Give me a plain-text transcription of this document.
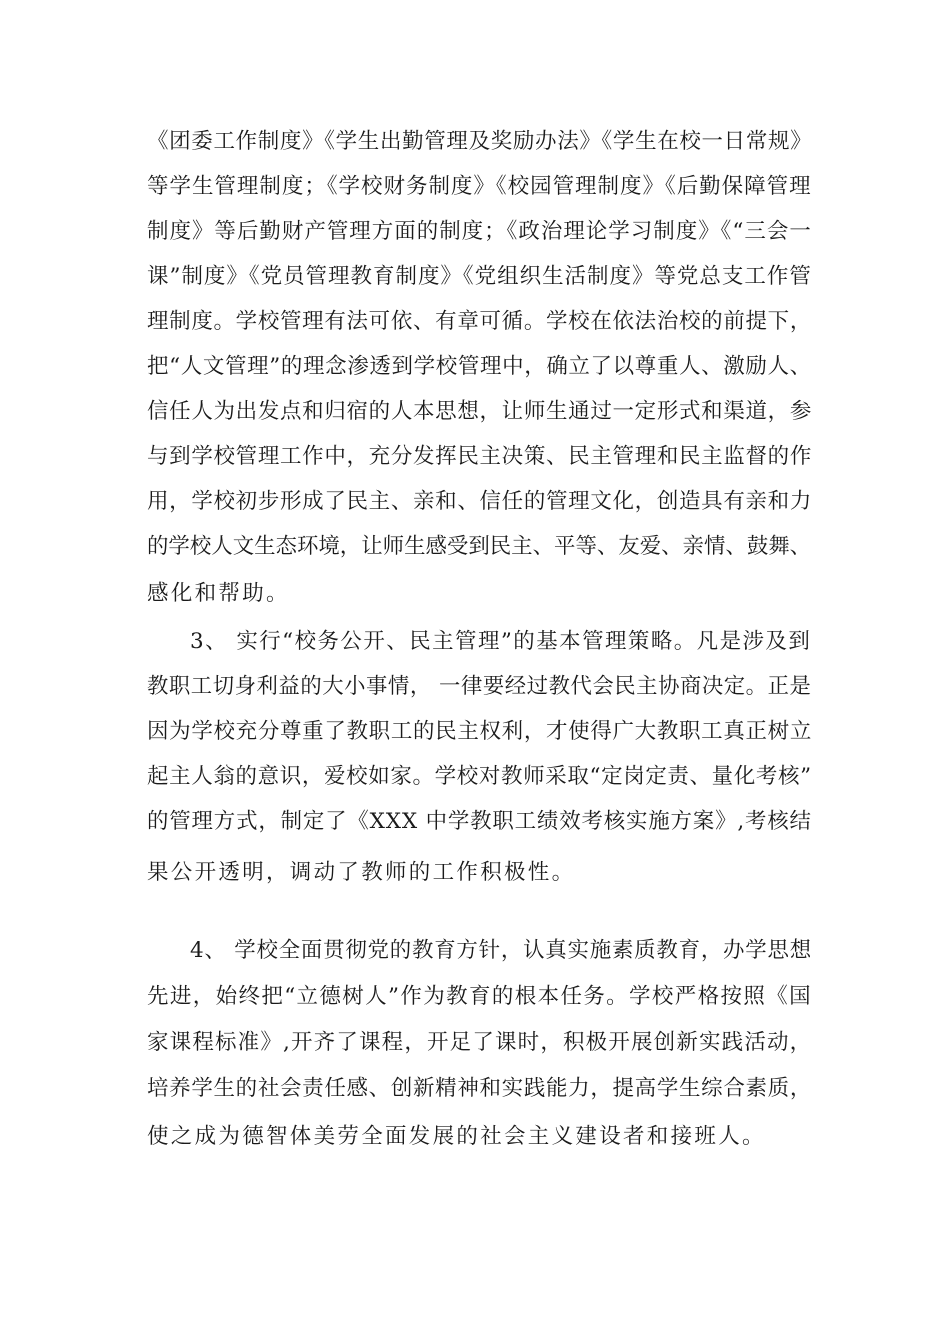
《团委工作制度》《学生出勤管理及奖励办法》《学生在校一日常规》
等学生管理制度；《学校财务制度》《校园管理制度》《后勤保障管理
制度》等后勤财产管理方面的制度；《政治理论学习制度》《“三会一
课”制度》《党员管理教育制度》《党组织生活制度》等党总支工作管
理制度。学校管理有法可依、有章可循。学校在依法治校的前提下，
把“人文管理”的理念渗透到学校管理中，确立了以尊重人、激励人、
信任人为出发点和归宿的人本思想，让师生通过一定形式和渠道，参
与到学校管理工作中，充分发挥民主决策、民主管理和民主监督的作
用，学校初步形成了民主、亲和、信任的管理文化，创造具有亲和力
的学校人文生态环境，让师生感受到民主、平等、友爱、亲情、鼓舞、
感化和帮助。
3、 实行“校务公开、民主管理”的基本管理策略。凡是涉及到
教职工切身利益的大小事情， 一律要经过教代会民主协商决定。正是
因为学校充分尊重了教职工的民主权利，才使得广大教职工真正树立
起主人翁的意识，爱校如家。学校对教师采取“定岗定责、量化考核”
的管理方式，制定了《XXX 中学教职工绩效考核实施方案》,考核结
果公开透明，调动了教师的工作积极性。
4、 学校全面贯彻党的教育方针，认真实施素质教育，办学思想
先进，始终把“立德树人”作为教育的根本任务。学校严格按照《国
家课程标准》,开齐了课程，开足了课时，积极开展创新实践活动，
培养学生的社会责任感、创新精神和实践能力，提高学生综合素质，
使之成为德智体美劳全面发展的社会主义建设者和接班人。
